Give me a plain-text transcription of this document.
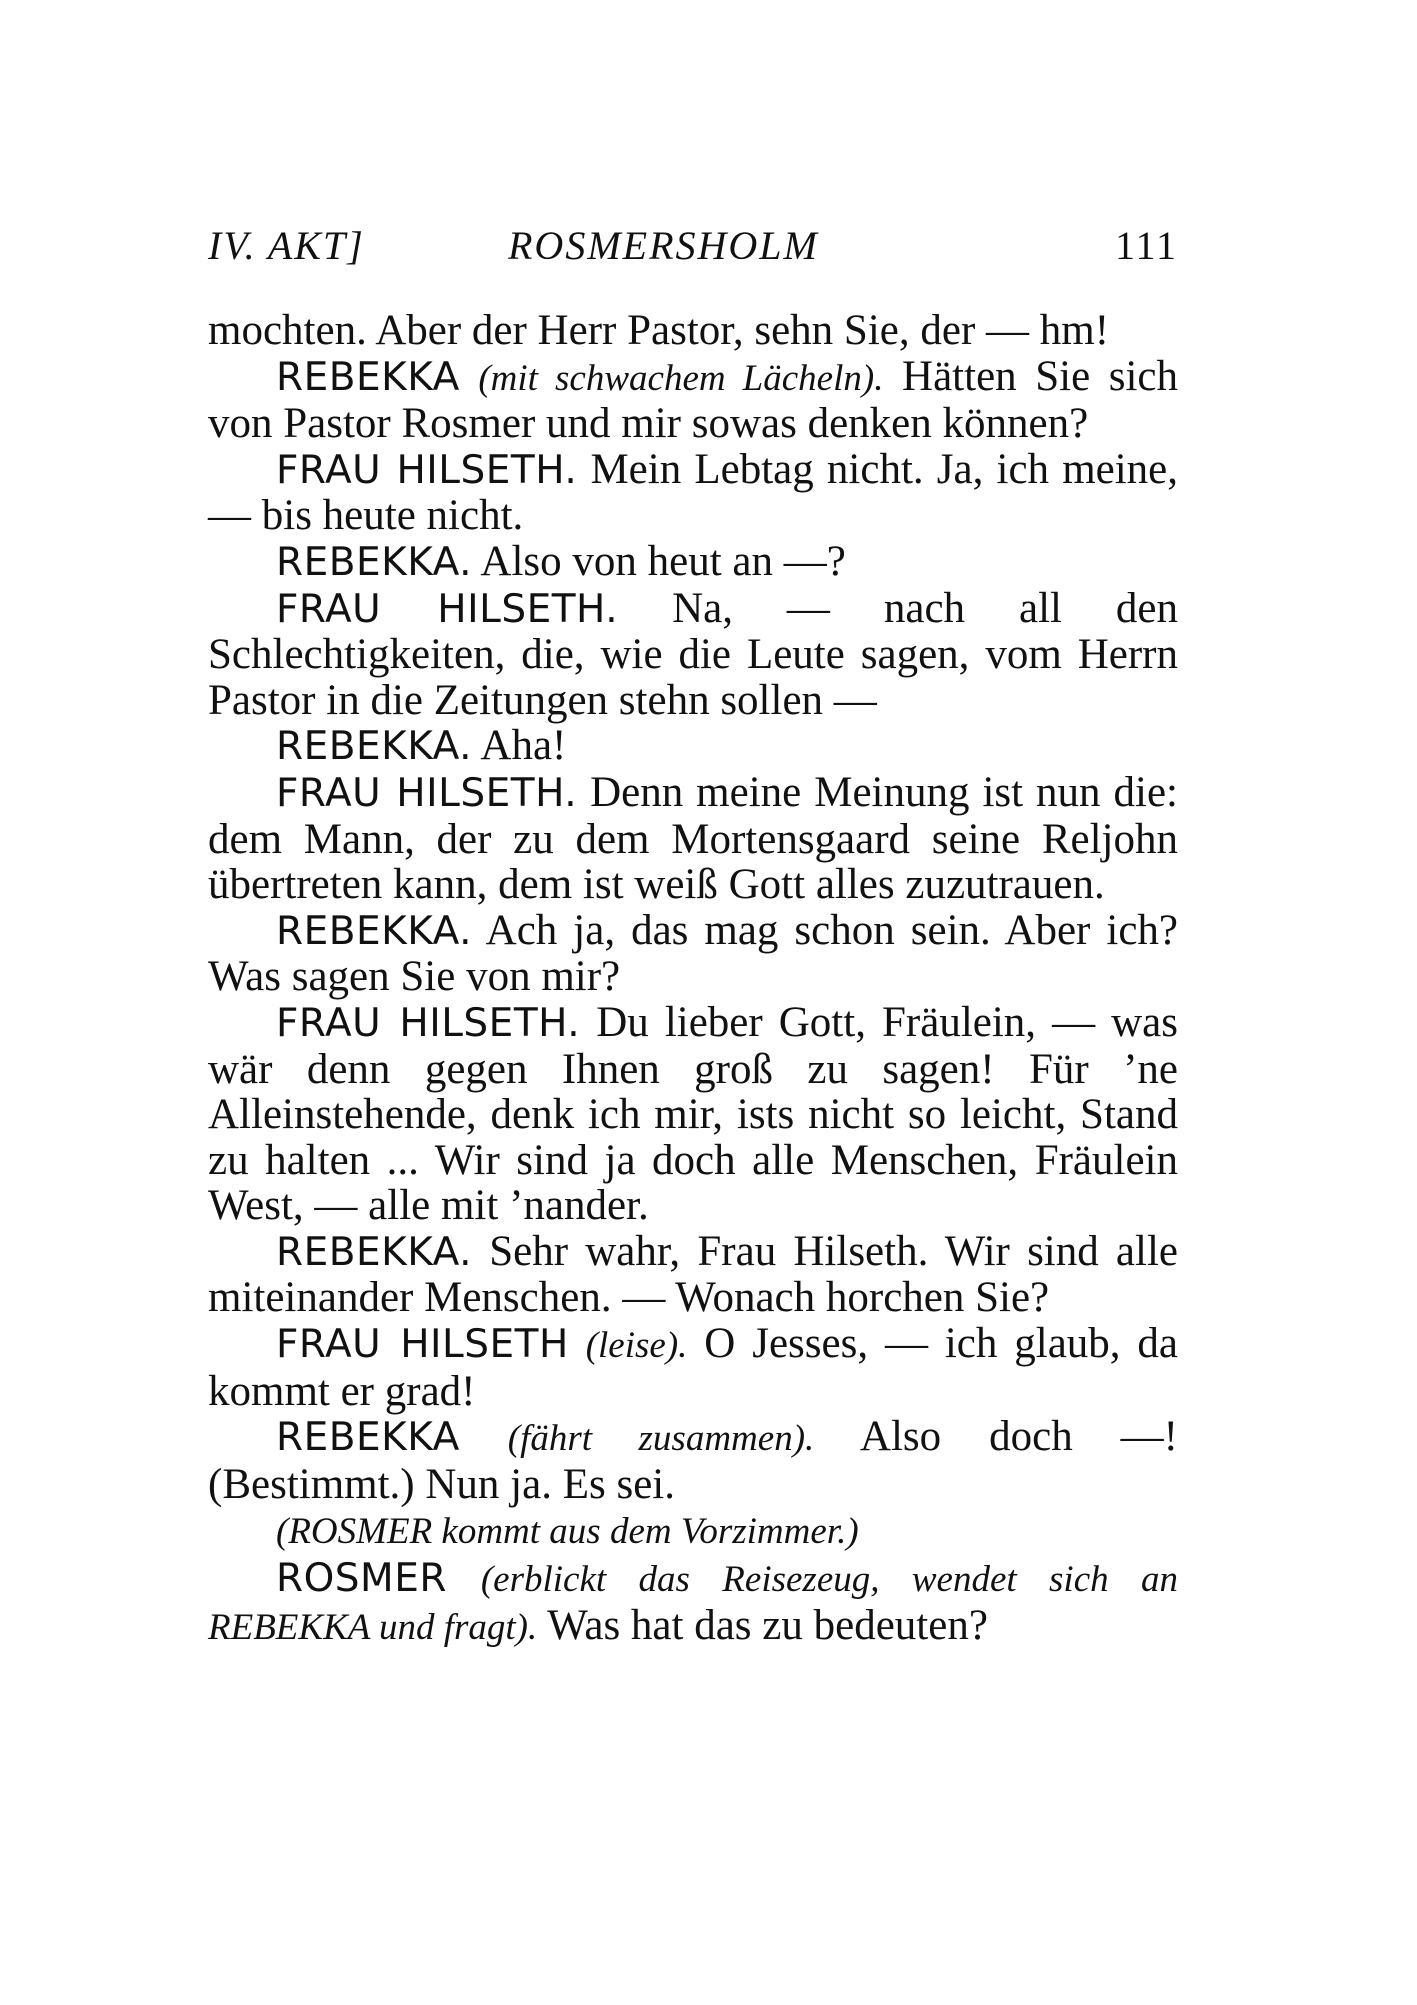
IV. AKT]	ROSMERSHOLM	111

mochten. Aber der Herr Pastor, sehn Sie, der — hm!

REBEKKA (mit schwachem Lächeln). Hätten Sie sich von Pastor Rosmer und mir sowas denken können?

FRAU HILSETH. Mein Lebtag nicht. Ja, ich meine, — bis heute nicht.

REBEKKA. Also von heut an —?

FRAU HILSETH. Na, — nach all den Schlechtigkeiten, die, wie die Leute sagen, vom Herrn Pastor in die Zeitungen stehn sollen —

REBEKKA. Aha!

FRAU HILSETH. Denn meine Meinung ist nun die: dem Mann, der zu dem Mortensgaard seine Reljohn übertreten kann, dem ist weiß Gott alles zuzutrauen.

REBEKKA. Ach ja, das mag schon sein. Aber ich? Was sagen Sie von mir?

FRAU HILSETH. Du lieber Gott, Fräulein, — was wär denn gegen Ihnen groß zu sagen! Für ’ne Alleinstehende, denk ich mir, ists nicht so leicht, Stand zu halten ... Wir sind ja doch alle Menschen, Fräulein West, — alle mit ’nander.

REBEKKA. Sehr wahr, Frau Hilseth. Wir sind alle miteinander Menschen. — Wonach horchen Sie?

FRAU HILSETH (leise). O Jesses, — ich glaub, da kommt er grad!

REBEKKA (fährt zusammen). Also doch —! (Bestimmt.) Nun ja. Es sei.

(ROSMER kommt aus dem Vorzimmer.)

ROSMER (erblickt das Reisezeug, wendet sich an REBEKKA und fragt). Was hat das zu bedeuten?
